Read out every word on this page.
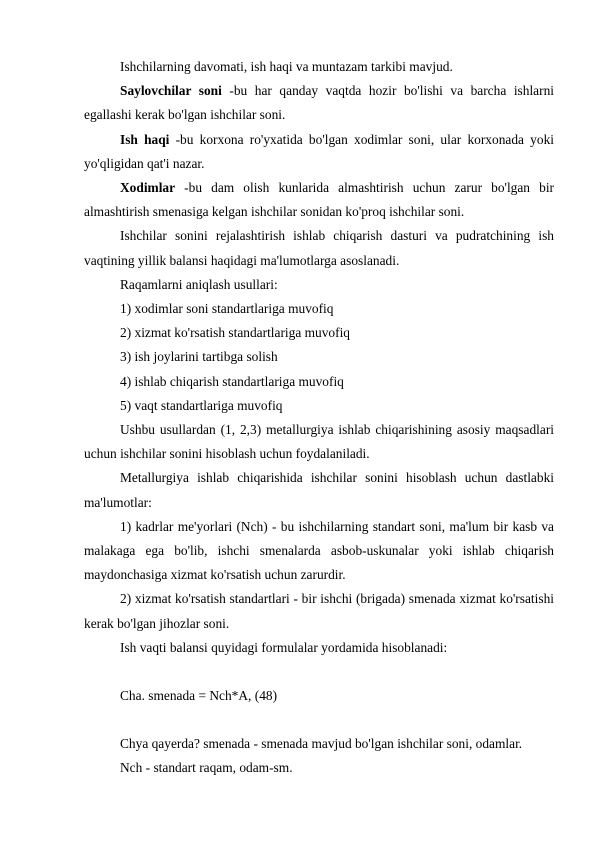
Ishchilarning davomati, ish haqi va muntazam tarkibi mavjud.

Saylovchilar soni -bu har qanday vaqtda hozir bo'lishi va barcha ishlarni egallashi kerak bo'lgan ishchilar soni.

Ish haqi -bu korxona ro'yxatida bo'lgan xodimlar soni, ular korxonada yoki yo'qligidan qat'i nazar.

Xodimlar -bu dam olish kunlarida almashtirish uchun zarur bo'lgan bir almashtirish smenasiga kelgan ishchilar sonidan ko'proq ishchilar soni.

Ishchilar sonini rejalashtirish ishlab chiqarish dasturi va pudratchining ish vaqtining yillik balansi haqidagi ma'lumotlarga asoslanadi.

Raqamlarni aniqlash usullari:

1) xodimlar soni standartlariga muvofiq

2) xizmat ko'rsatish standartlariga muvofiq

3) ish joylarini tartibga solish

4) ishlab chiqarish standartlariga muvofiq

5) vaqt standartlariga muvofiq

Ushbu usullardan (1, 2,3) metallurgiya ishlab chiqarishining asosiy maqsadlari uchun ishchilar sonini hisoblash uchun foydalaniladi.

Metallurgiya ishlab chiqarishida ishchilar sonini hisoblash uchun dastlabki ma'lumotlar:

1) kadrlar me'yorlari (Nch) - bu ishchilarning standart soni, ma'lum bir kasb va malakaga ega bo'lib, ishchi smenalarda asbob-uskunalar yoki ishlab chiqarish maydonchasiga xizmat ko'rsatish uchun zarurdir.

2) xizmat ko'rsatish standartlari - bir ishchi (brigada) smenada xizmat ko'rsatishi kerak bo'lgan jihozlar soni.

Ish vaqti balansi quyidagi formulalar yordamida hisoblanadi:

Cha. smenada = Nch*A, (48)

Chya qayerda? smenada - smenada mavjud bo'lgan ishchilar soni, odamlar.

Nch - standart raqam, odam-sm.
